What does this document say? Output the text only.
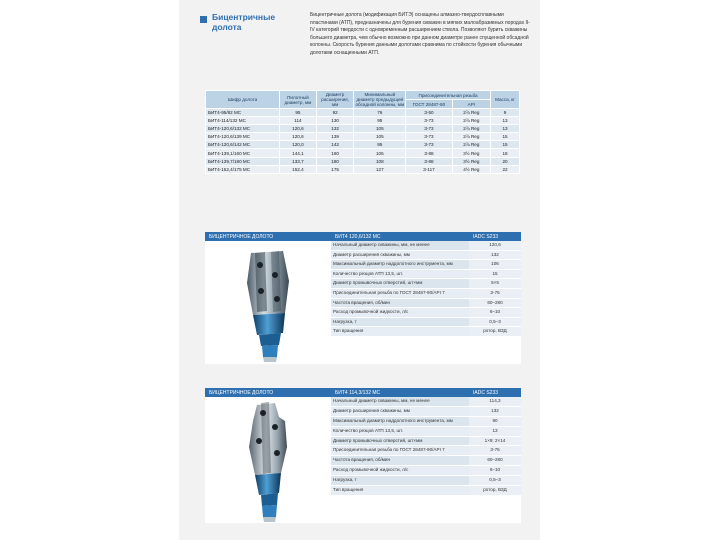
Бицентричные долота
Бицентричные долота (модификация БИТЭ) оснащены алмазно-твердосплавными пластинами (АТП), предназначены для бурения скважин в мягких малоабразивных породах II-IV категорий твердости с одновременным расширением ствола. Позволяют бурить скважины большего диаметра, чем обычно возможно при данном диаметре ранее спущенной обсадной колонны. Скорость бурения данными долотами сравнима по стойкости бурения обычными долотами оснащенными АТП.
Шифр долота	Пилотный диаметр, мм	Диаметр расширения, мм	Минимальный диаметр предыдущей обсадной колонны, мм	Присоединительная резьба		Масса, кг
				ГОСТ 28487-90	API	
БИТ4-95/92 МС	95	92	76	З-50	2⅞ Reg	9
БИТ4-114/132 МС	114	130	95	З-73	2⅞ Reg	13
БИТ4-120,6/132 МС	120,6	132	105	З-73	2⅞ Reg	13
БИТ4-120,6/139 МС	120,6	139	105	З-73	2⅞ Reg	15
БИТ4-120,6/142 МС	120,0	142	95	З-73	2⅞ Reg	15
БИТ4-139,1/160 МС	144,1	160	105	З-88	3½ Reg	18
БИТ4-139,7/180 МС	133,7	180	108	З-88	3½ Reg	20
БИТ4-152,4/175 МС	152,4	175	127	З-117	4½ Reg	22
БИЦЕНТРИЧНОЕ ДОЛОТО	БИТ4 120,6/132 МС	IADC S233
Начальный диаметр скважины, мм, не менее	120,6
Диаметр расширения скважины, мм	132
Максимальный диаметр наддолотного инструмента, мм	106
Количество резцов АТП 13,5, шт.	15
Диаметр промывочных отверстий, шт×мм	5×5
Присоединительная резьба по ГОСТ 28487-90/API 7	З-76
Частота вращения, об/мин	60–280
Расход промывочной жидкости, л/с	6–10
Нагрузка, т	0,5–3
Тип вращения	ротор, ВЗД
БИЦЕНТРИЧНОЕ ДОЛОТО	БИТ4 114,3/132 МС	IADC S233
Начальный диаметр скважины, мм, не менее	114,3
Диаметр расширения скважины, мм	132
Максимальный диаметр наддолотного инструмента, мм	90
Количество резцов АТП 13,5, шт.	13
Диаметр промывочных отверстий, шт×мм	1×9; 2×14
Присоединительная резьба по ГОСТ 28487-90/API 7	З-76
Частота вращения, об/мин	60–280
Расход промывочной жидкости, л/с	6–10
Нагрузка, т	0,5–3
Тип вращения	ротор, ВЗД
